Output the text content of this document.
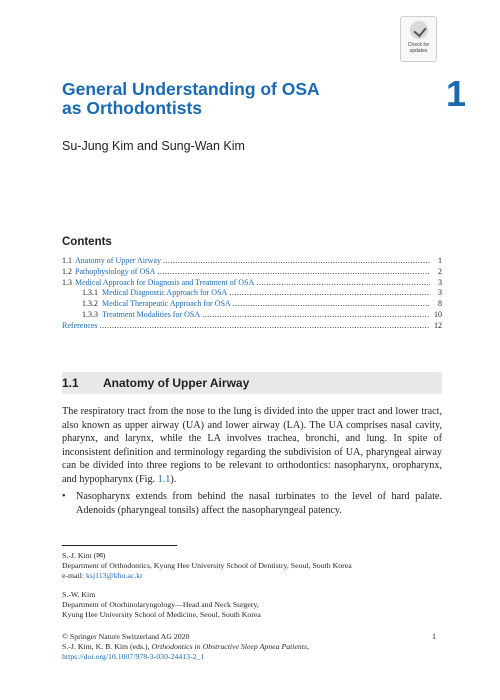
Check for
updates
General Understanding of OSA
as Orthodontists	1
Su-Jung Kim and Sung-Wan Kim
Contents
1.1 Anatomy of Upper Airway .....	1
1.2 Pathophysiology of OSA .....	2
1.3 Medical Approach for Diagnosis and Treatment of OSA .....	3
1.3.1 Medical Diagnostic Approach for OSA .....	3
1.3.2 Medical Therapeutic Approach for OSA .....	8
1.3.3 Treatment Modalities for OSA .....	10
References .....	12
1.1 Anatomy of Upper Airway

The respiratory tract from the nose to the lung is divided into the upper tract and lower tract, also known as upper airway (UA) and lower airway (LA). The UA comprises nasal cavity, pharynx, and larynx, while the LA involves trachea, bronchi, and lung. In spite of inconsistent definition and terminology regarding the subdivision of UA, pharyngeal airway can be divided into three regions to be relevant to orthodontics: nasopharynx, oropharynx, and hypopharynx (Fig. 1.1).

•	Nasopharynx extends from behind the nasal turbinates to the level of hard palate. Adenoids (pharyngeal tonsils) affect the nasopharyngeal patency.
S.-J. Kim (✉)
Department of Orthodontics, Kyung Hee University School of Dentistry, Seoul, South Korea
e-mail: ksj113@khu.ac.kr
S.-W. Kim
Department of Otorhinolaryngology—Head and Neck Surgery,
Kyung Hee University School of Medicine, Seoul, South Korea
© Springer Nature Switzerland AG 2020
S.-J. Kim, K. B. Kim (eds.), Orthodontics in Obstructive Sleep Apnea Patients,
https://doi.org/10.1007/978-3-030-24413-2_1
1
